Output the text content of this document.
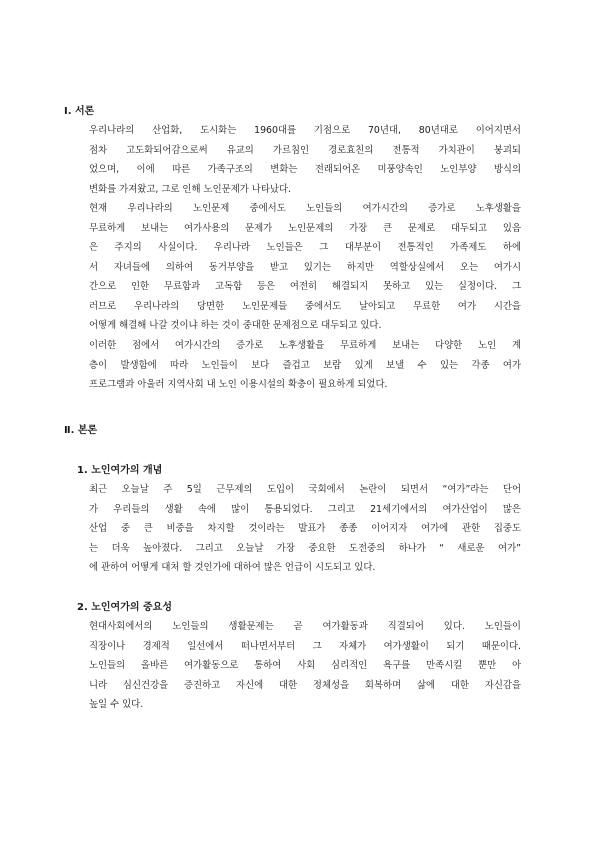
Ⅰ. 서론
우리나라의 산업화, 도시화는 1960대를 기점으로 70년대, 80년대로 이어지면서
점차 고도화되어감으로써 유교의 가르침인 경로효친의 전통적 가치관이 붕괴되
었으며, 이에 따른 가족구조의 변화는 전래되어온 미풍양속인 노인부양 방식의
변화를 가져왔고, 그로 인해 노인문제가 나타났다.
현재 우리나라의 노인문제 중에서도 노인들의 여가시간의 증가로 노후생활을
무료하게 보내는 여가사용의 문제가 노인문제의 가장 큰 문제로 대두되고 있음
은 주지의 사실이다. 우리나라 노인들은 그 대부분이 전통적인 가족제도 하에
서 자녀들에 의하여 동거부양을 받고 있기는 하지만 역할상실에서 오는 여가시
간으로 인한 무료함과 고독함 등은 여전히 해결되지 못하고 있는 실정이다. 그
러므로 우리나라의 당면한 노인문제들 중에서도 날아되고 무료한 여가 시간을
어떻게 해결해 나갈 것이냐 하는 것이 중대한 문제점으로 대두되고 있다.
이러한 점에서 여가시간의 증가로 노후생활을 무료하게 보내는 다양한 노인 계
층이 발생함에 따라 노인들이 보다 즐겁고 보람 있게 보낼 수 있는 각종 여가
프로그램과 아울러 지역사회 내 노인 이용시설의 확충이 필요하게 되었다.
Ⅱ. 본론
1. 노인여가의 개념
최근 오늘날 주 5일 근무제의 도입이 국회에서 논란이 되면서 “여가”라는 단어
가 우리들의 생활 속에 많이 통용되었다. 그리고 21세기에서의 여가산업이 많은
산업 중 큰 비중을 차지할 것이라는 발표가 종종 이어지자 여가에 관한 집중도
는 더욱 높아졌다. 그리고 오늘날 가장 중요한 도전중의 하나가 “ 새로운 여가”
에 관하여 어떻게 대처 할 것인가에 대하여 많은 언급이 시도되고 있다.
2. 노인여가의 중요성
현대사회에서의 노인들의 생활문제는 곧 여가활동과 직결되어 있다. 노인들이
직장이나 경제적 일선에서 떠나면서부터 그 자체가 여가생활이 되기 때문이다.
노인들의 올바른 여가활동으로 통하여 사회 심리적인 욕구를 만족시킬 뿐만 아
니라 심신건강을 증진하고 자신에 대한 정체성을 회복하며 삶에 대한 자신감을
높일 수 있다.
